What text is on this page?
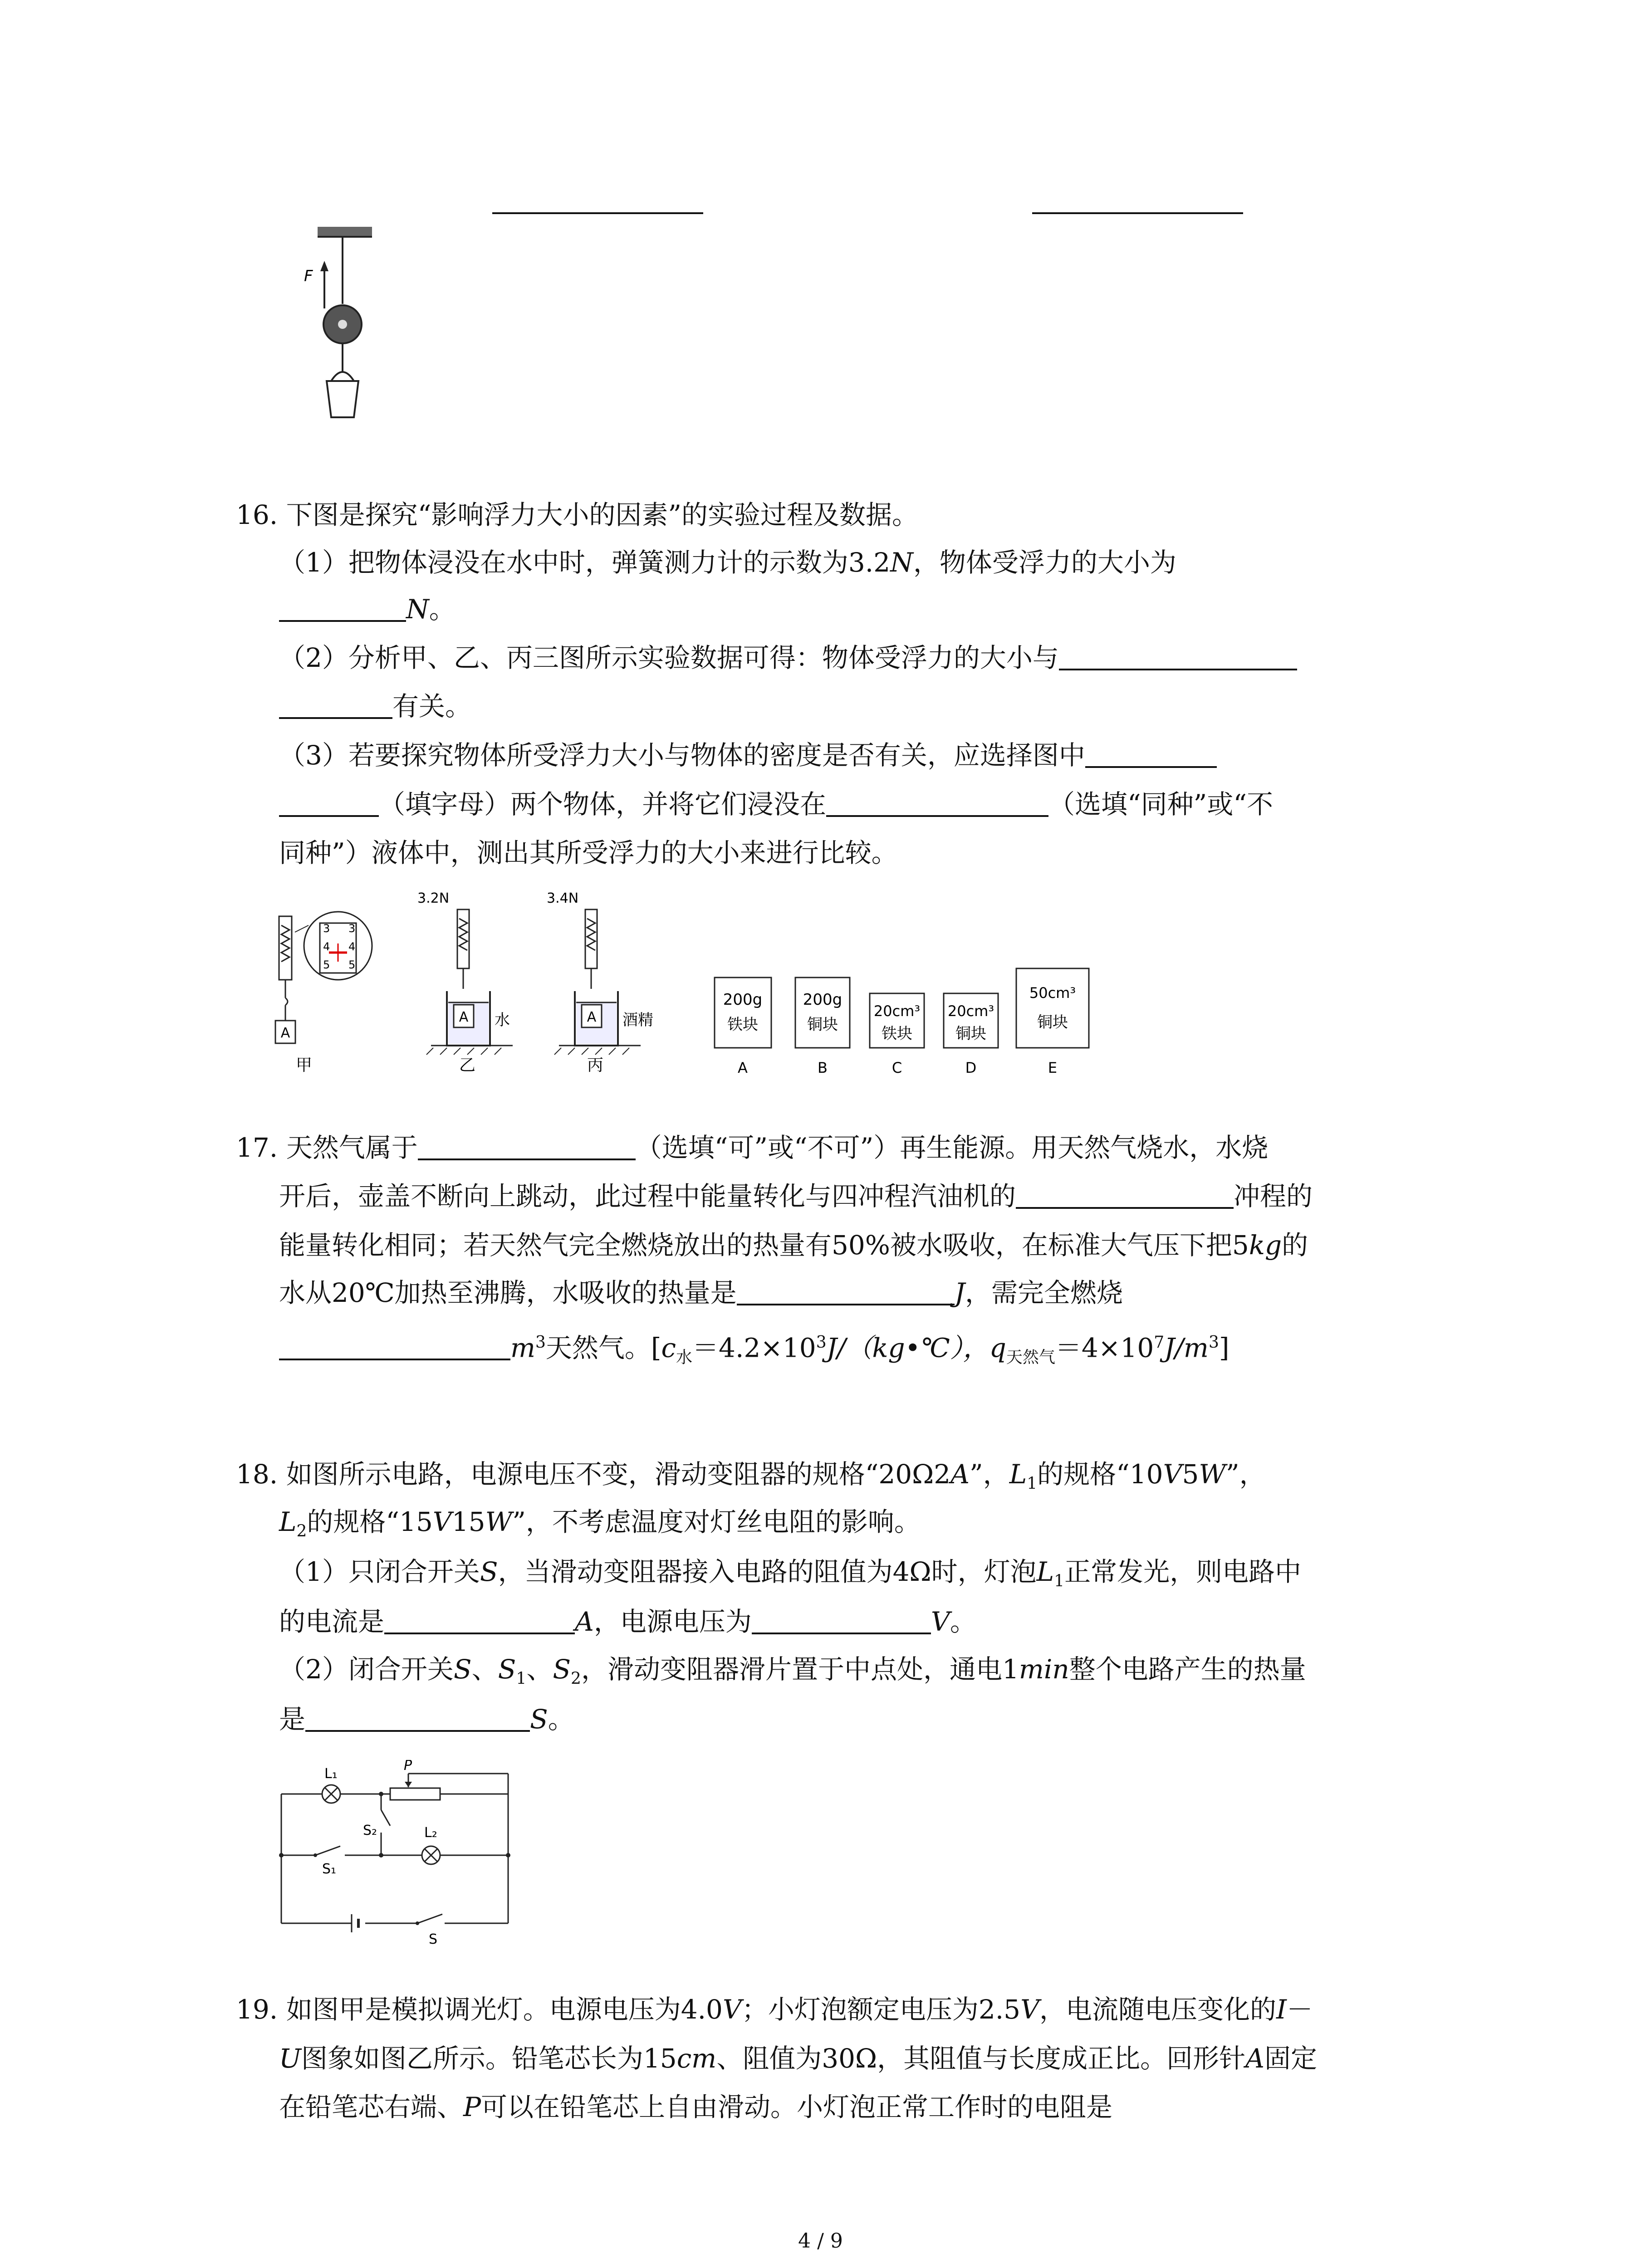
F
16. 下图是探究“影响浮力大小的因素”的实验过程及数据。
（1）把物体浸没在水中时，弹簧测力计的示数为3.2N，物体受浮力的大小为
N。
（2）分析甲、乙、丙三图所示实验数据可得：物体受浮力的大小与
有关。
（3）若要探究物体所受浮力大小与物体的密度是否有关，应选择图中
（填字母）两个物体，并将它们浸没在	（选填“同种”或“不
同种”）液体中，测出其所受浮力的大小来进行比较。
A
3
4
5
3
4
5
甲
3.2N
A 水
乙
3.4N
A 酒精
丙
200g
铁块
A
200g
铜块
B
20cm³
铁块
C
20cm³
铜块
D
50cm³
铜块
E
17. 天然气属于	（选填“可”或“不可”）再生能源。用天然气烧水，水烧
开后，壶盖不断向上跳动，此过程中能量转化与四冲程汽油机的	冲程的
能量转化相同；若天然气完全燃烧放出的热量有50%被水吸收，在标准大气压下把5kg的
水从20℃加热至沸腾，水吸收的热量是	J，需完全燃烧
$m^3$天然气。[$c_水=4.2\times 10^3J/(kg•℃)$，$q_{天然气}=4\times 10^7J/m^3$]
18. 如图所示电路，电源电压不变，滑动变阻器的规格“20Ω2A”，$L_1$的规格“10V5W”，
$L_2$的规格“15V15W”，不考虑温度对灯丝电阻的影响。
（1）只闭合开关S，当滑动变阻器接入电路的阻值为4Ω时，灯泡$L_1$正常发光，则电路中
的电流是	A，电源电压为	V。
（2）闭合开关S、$S_1$、$S_2$，滑动变阻器滑片置于中点处，通电1min整个电路产生的热量
是	S。
L₁
P
S₂	L₂
S₁
S
19. 如图甲是模拟调光灯。电源电压为4.0V；小灯泡额定电压为2.5V，电流随电压变化的I－
U图象如图乙所示。铅笔芯长为15cm、阻值为30Ω，其阻值与长度成正比。回形针A固定
在铅笔芯右端、P可以在铅笔芯上自由滑动。小灯泡正常工作时的电阻是
4 / 9
